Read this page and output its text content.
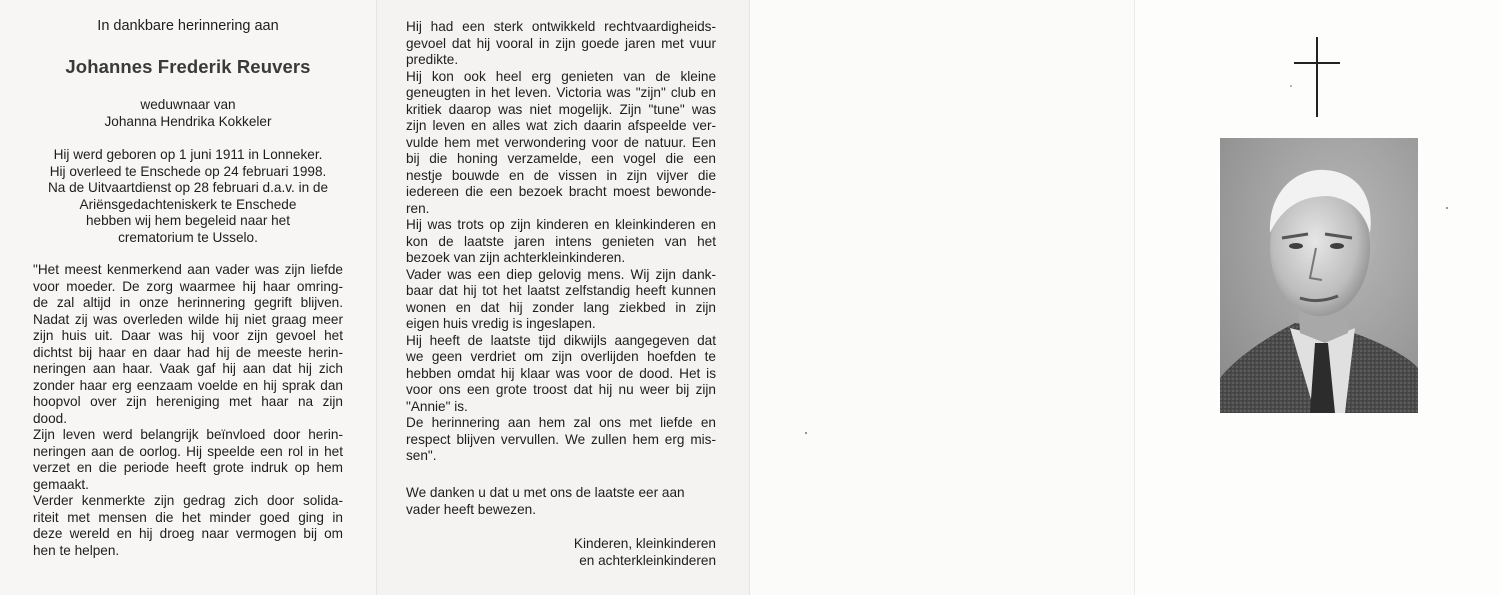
In dankbare herinnering aan
Johannes Frederik Reuvers
weduwnaar van
Johanna Hendrika Kokkeler
Hij werd geboren op 1 juni 1911 in Lonneker.
Hij overleed te Enschede op 24 februari 1998.
Na de Uitvaartdienst op 28 februari d.a.v. in de
Ariënsgedachteniskerk te Enschede
hebben wij hem begeleid naar het
crematorium te Usselo.
"Het meest kenmerkend aan vader was zijn liefde
voor moeder. De zorg waarmee hij haar omring-
de zal altijd in onze herinnering gegrift blijven.
Nadat zij was overleden wilde hij niet graag meer
zijn huis uit. Daar was hij voor zijn gevoel het
dichtst bij haar en daar had hij de meeste herin-
neringen aan haar. Vaak gaf hij aan dat hij zich
zonder haar erg eenzaam voelde en hij sprak dan
hoopvol over zijn hereniging met haar na zijn
dood.
Zijn leven werd belangrijk beïnvloed door herin-
neringen aan de oorlog. Hij speelde een rol in het
verzet en die periode heeft grote indruk op hem
gemaakt.
Verder kenmerkte zijn gedrag zich door solida-
riteit met mensen die het minder goed ging in
deze wereld en hij droeg naar vermogen bij om
hen te helpen.
Hij had een sterk ontwikkeld rechtvaardigheids-
gevoel dat hij vooral in zijn goede jaren met vuur
predikte.
Hij kon ook heel erg genieten van de kleine
geneugten in het leven. Victoria was "zijn" club en
kritiek daarop was niet mogelijk. Zijn "tune" was
zijn leven en alles wat zich daarin afspeelde ver-
vulde hem met verwondering voor de natuur. Een
bij die honing verzamelde, een vogel die een
nestje bouwde en de vissen in zijn vijver die
iedereen die een bezoek bracht moest bewonde-
ren.
Hij was trots op zijn kinderen en kleinkinderen en
kon de laatste jaren intens genieten van het
bezoek van zijn achterkleinkinderen.
Vader was een diep gelovig mens. Wij zijn dank-
baar dat hij tot het laatst zelfstandig heeft kunnen
wonen en dat hij zonder lang ziekbed in zijn
eigen huis vredig is ingeslapen.
Hij heeft de laatste tijd dikwijls aangegeven dat
we geen verdriet om zijn overlijden hoefden te
hebben omdat hij klaar was voor de dood. Het is
voor ons een grote troost dat hij nu weer bij zijn
"Annie" is.
De herinnering aan hem zal ons met liefde en
respect blijven vervullen. We zullen hem erg mis-
sen".
We danken u dat u met ons de laatste eer aan
vader heeft bewezen.
Kinderen, kleinkinderen
en achterkleinkinderen
